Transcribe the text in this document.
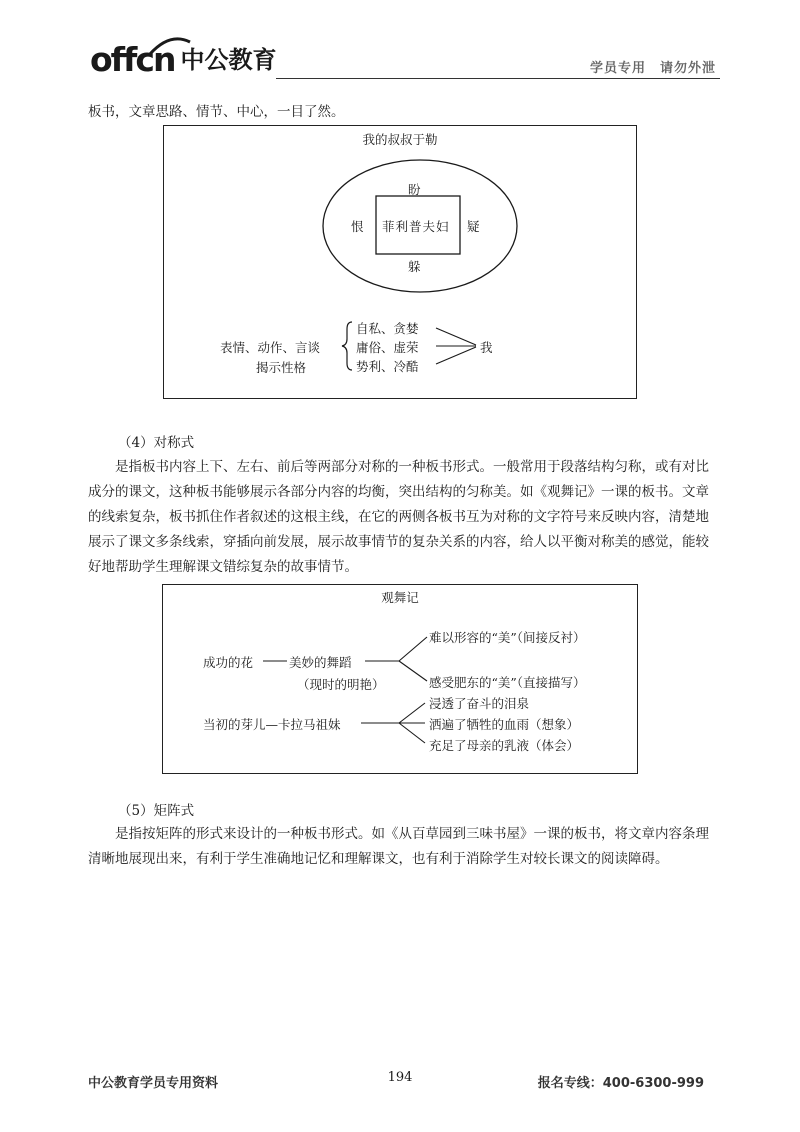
offcn 中公教育	学员专用　请勿外泄
板书，文章思路、情节、中心，一目了然。
我的叔叔于勒
盼
菲利普夫妇
恨	疑
躲
表情、动作、言谈
揭示性格
自私、贪婪
庸俗、虚荣
势利、冷酷
我
（4）对称式
是指板书内容上下、左右、前后等两部分对称的一种板书形式。一般常用于段落结构匀称，或有对比成分的课文，这种板书能够展示各部分内容的均衡，突出结构的匀称美。如《观舞记》一课的板书。文章的线索复杂，板书抓住作者叙述的这根主线，在它的两侧各板书互为对称的文字符号来反映内容，清楚地展示了课文多条线索，穿插向前发展，展示故事情节的复杂关系的内容，给人以平衡对称美的感觉，能较好地帮助学生理解课文错综复杂的故事情节。
观舞记
成功的花	美妙的舞蹈
（现时的明艳）
难以形容的“美”（间接反衬）
感受肥东的“美”（直接描写）
当初的芽儿—卡拉马祖妹
浸透了奋斗的泪泉
洒遍了牺牲的血雨（想象）
充足了母亲的乳液（体会）
（5）矩阵式
是指按矩阵的形式来设计的一种板书形式。如《从百草园到三味书屋》一课的板书，将文章内容条理清晰地展现出来，有利于学生准确地记忆和理解课文，也有利于消除学生对较长课文的阅读障碍。
中公教育学员专用资料	194	报名专线：400-6300-999
